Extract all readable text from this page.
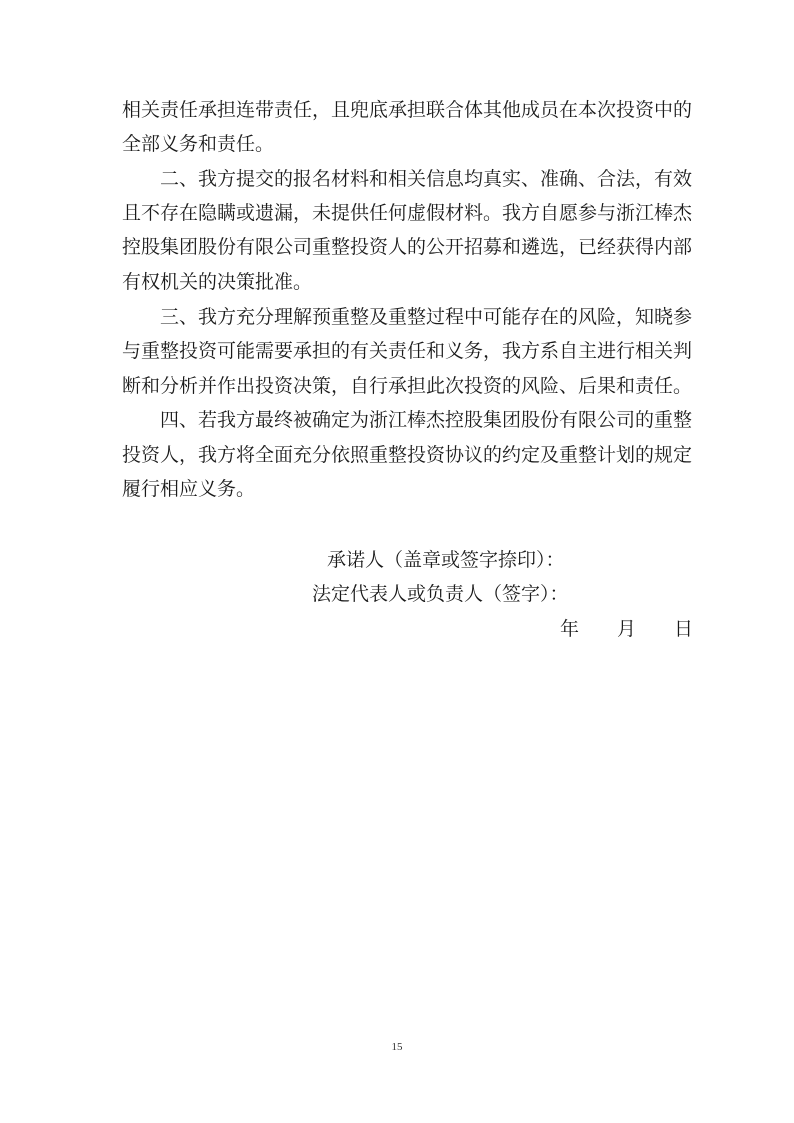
相关责任承担连带责任，且兜底承担联合体其他成员在本次投资中的
全部义务和责任。
二、我方提交的报名材料和相关信息均真实、准确、合法，有效
且不存在隐瞒或遗漏，未提供任何虚假材料。我方自愿参与浙江棒杰
控股集团股份有限公司重整投资人的公开招募和遴选，已经获得内部
有权机关的决策批准。
三、我方充分理解预重整及重整过程中可能存在的风险，知晓参
与重整投资可能需要承担的有关责任和义务，我方系自主进行相关判
断和分析并作出投资决策，自行承担此次投资的风险、后果和责任。
四、若我方最终被确定为浙江棒杰控股集团股份有限公司的重整
投资人，我方将全面充分依照重整投资协议的约定及重整计划的规定
履行相应义务。
承诺人（盖章或签字捺印）：
法定代表人或负责人（签字）：
年　　月　　日
15
